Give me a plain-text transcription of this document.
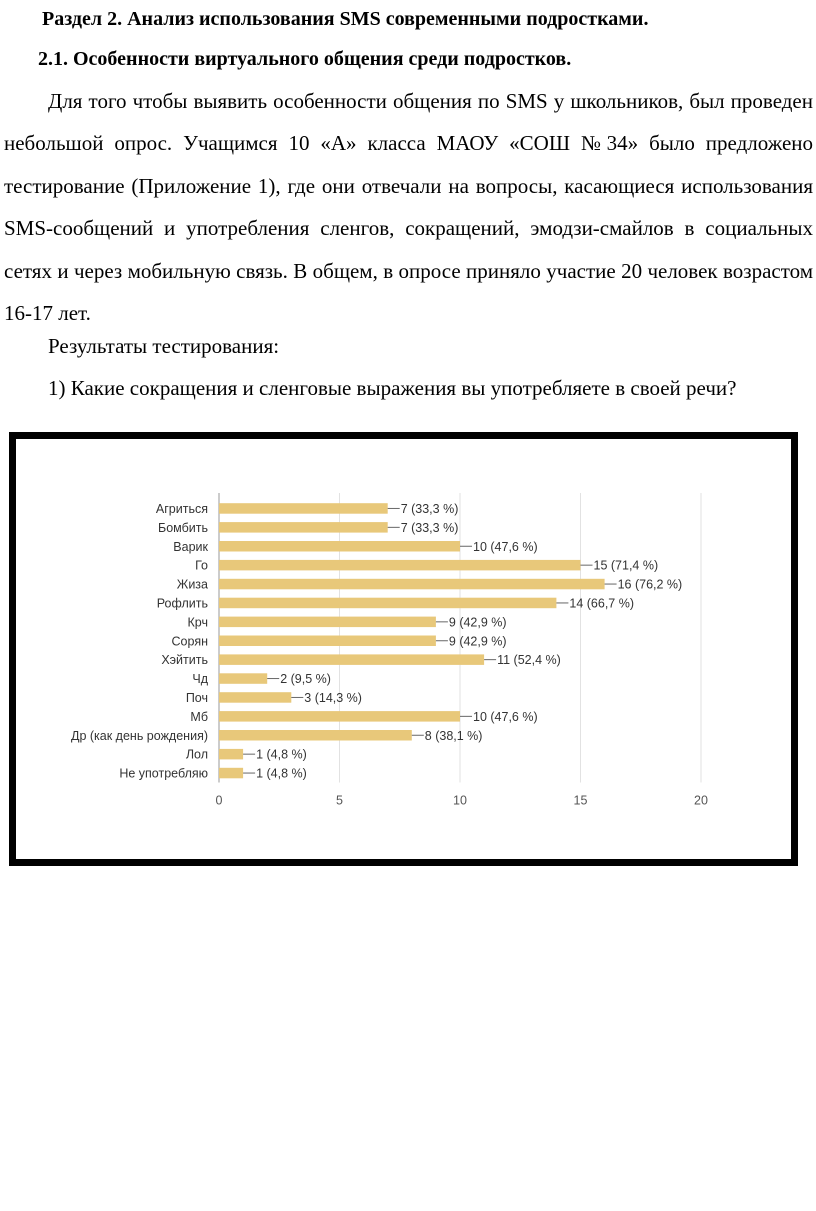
Раздел 2. Анализ использования SMS современными подростками.
2.1. Особенности виртуального общения среди подростков.

Для того чтобы выявить особенности общения по SMS у школьников, был проведен небольшой опрос. Учащимся 10 «А» класса МАОУ «СОШ №34» было предложено тестирование (Приложение 1), где они отвечали на вопросы, касающиеся использования SMS-сообщений и употребления сленгов, сокращений, эмодзи-смайлов в социальных сетях и через мобильную связь. В общем, в опросе приняло участие 20 человек возрастом 16-17 лет.

Результаты тестирования:

1) Какие сокращения и сленговые выражения вы употребляете в своей речи?

0	5	10	15	20
Агриться	7 (33,3 %)
Бомбить	7 (33,3 %)
Варик	10 (47,6 %)
Го	15 (71,4 %)
Жиза	16 (76,2 %)
Рофлить	14 (66,7 %)
Крч	9 (42,9 %)
Сорян	9 (42,9 %)
Хэйтить	11 (52,4 %)
Чд	2 (9,5 %)
Поч	3 (14,3 %)
Мб	10 (47,6 %)
Др (как день рождения)	8 (38,1 %)
Лол	1 (4,8 %)
Не употребляю	1 (4,8 %)
